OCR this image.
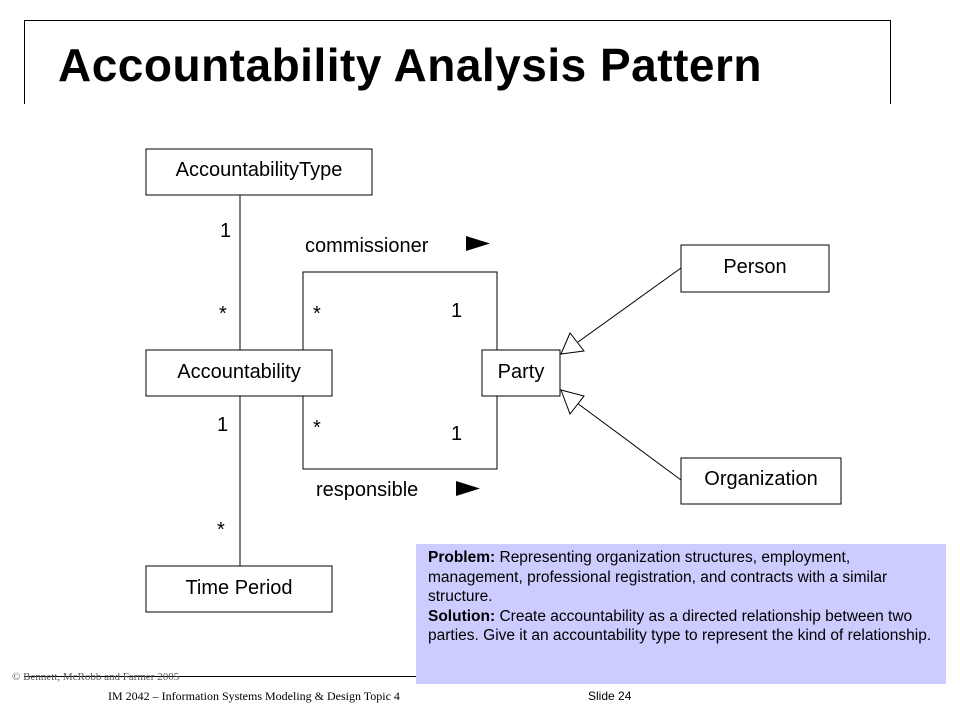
Accountability Analysis Pattern
AccountabilityType
Accountability
Time Period
Party
Person
Organization
commissioner
responsible
1
*	*	1
*	1
1
*
© Bennett, McRobb and Farmer 2005
IM 2042 – Information Systems Modeling & Design Topic 4	Slide 24
Problem: Representing organization structures, employment, management, professional registration, and contracts with a similar structure.
Solution: Create accountability as a directed relationship between two parties. Give it an accountability type to represent the kind of relationship.
